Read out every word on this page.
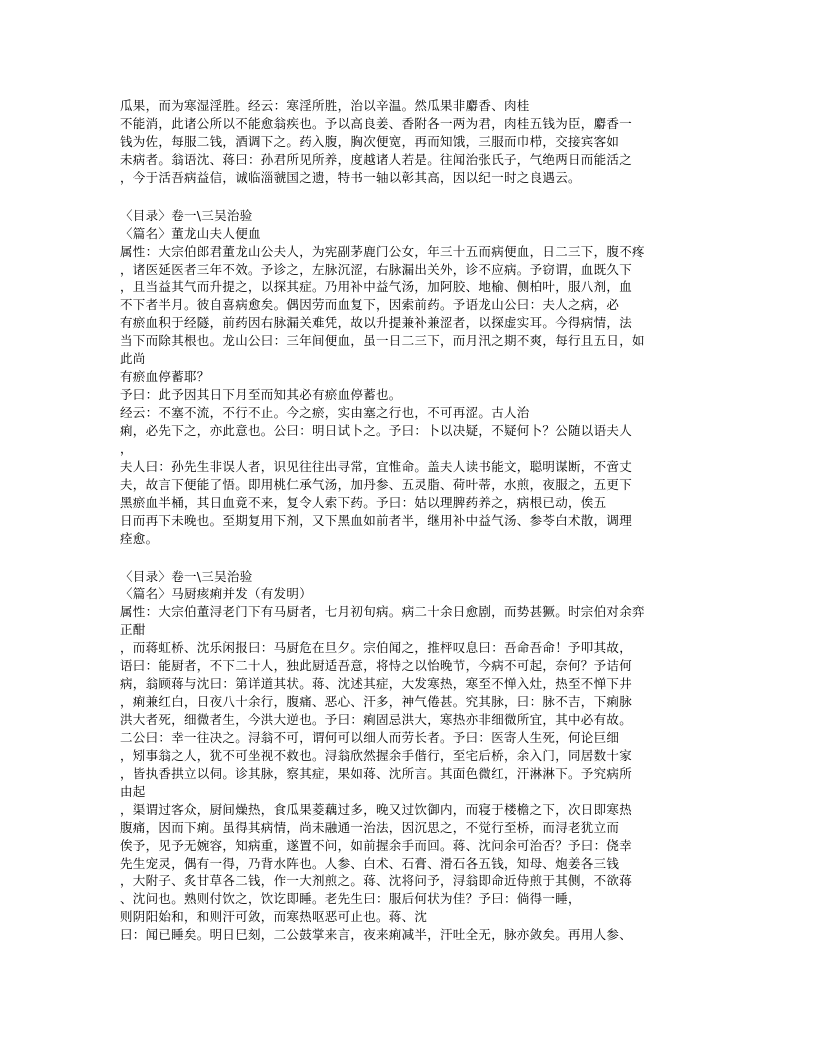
瓜果，而为寒湿淫胜。经云：寒淫所胜，治以辛温。然瓜果非麝香、肉桂
不能消，此诸公所以不能愈翁疾也。予以高良姜、香附各一两为君，肉桂五钱为臣，麝香一
钱为佐，每服二钱，酒调下之。药入腹，胸次便宽，再而知饿，三服而巾栉，交接宾客如
未病者。翁语沈、蒋曰：孙君所见所养，度越诸人若是。往闻治张氏子，气绝两日而能活之
，今于活吾病益信，诚临淄虢国之遗，特书一轴以彰其高，因以纪一时之良遇云。
〈目录〉卷一\三吴治验
〈篇名〉董龙山夫人便血
属性：大宗伯郎君董龙山公夫人，为宪副茅鹿门公女，年三十五而病便血，日二三下，腹不疼
，诸医延医者三年不效。予诊之，左脉沉涩，右脉漏出关外，诊不应病。予窃谓，血既久下
，且当益其气而升提之，以探其症。乃用补中益气汤，加阿胶、地榆、侧柏叶，服八剂，血
不下者半月。彼自喜病愈矣。偶因劳而血复下，因索前药。予语龙山公曰：夫人之病，必
有瘀血积于经隧，前药因右脉漏关难凭，故以升提兼补兼涩者，以探虚实耳。今得病情，法
当下而除其根也。龙山公曰：三年间便血，虽一日二三下，而月汛之期不爽，每行且五日，如
此尚
有瘀血停蓄耶？
予曰：此予因其日下月至而知其必有瘀血停蓄也。
经云：不塞不流，不行不止。今之瘀，实由塞之行也，不可再涩。古人治
痢，必先下之，亦此意也。公曰：明日试卜之。予曰：卜以决疑，不疑何卜？公随以语夫人
，
夫人曰：孙先生非误人者，识见往往出寻常，宜惟命。盖夫人读书能文，聪明谋断，不啻丈
夫，故言下便能了悟。即用桃仁承气汤，加丹参、五灵脂、荷叶蒂，水煎，夜服之，五更下
黑瘀血半桶，其日血竟不来，复令人索下药。予曰：姑以理脾药养之，病根已动，俟五
日而再下未晚也。至期复用下剂，又下黑血如前者半，继用补中益气汤、参苓白术散，调理
痊愈。
〈目录〉卷一\三吴治验
〈篇名〉马厨痎痢并发（有发明）
属性：大宗伯董浔老门下有马厨者，七月初旬病。病二十余日愈剧，而势甚獗。时宗伯对余弈
正酣
，而蒋虹桥、沈乐闲报曰：马厨危在旦夕。宗伯闻之，推枰叹息曰：吾命吾命！予叩其故，
语曰：能厨者，不下二十人，独此厨适吾意，将恃之以怡晚节，今病不可起，奈何？予诘何
病，翁顾蒋与沈曰：第详道其状。蒋、沈述其症，大发寒热，寒至不惮入灶，热至不惮下井
，痢兼红白，日夜八十余行，腹痛、恶心、汗多，神气倦甚。究其脉，曰：脉不吉，下痢脉
洪大者死，细微者生，今洪大逆也。予曰：痢固忌洪大，寒热亦非细微所宜，其中必有故。
二公曰：幸一往决之。浔翁不可，谓何可以细人而劳长者。予曰：医寄人生死，何论巨细
，矧事翁之人，犹不可坐视不救也。浔翁欣然握余手偕行，至宅后桥，余入门，同居数十家
，皆执香拱立以伺。诊其脉，察其症，果如蒋、沈所言。其面色微红，汗淋淋下。予究病所
由起
，渠谓过客众，厨间燥热，食瓜果菱藕过多，晚又过饮御内，而寝于楼檐之下，次日即寒热
腹痛，因而下痢。虽得其病情，尚未融通一治法，因沉思之，不觉行至桥，而浔老犹立而
俟予，见予无婉容，知病重，遂置不问，如前握余手而回。蒋、沈问余可治否？予曰：侥幸
先生宠灵，偶有一得，乃背水阵也。人参、白术、石膏、滑石各五钱，知母、炮姜各三钱
，大附子、炙甘草各二钱，作一大剂煎之。蒋、沈将问予，浔翁即命近侍煎于其侧，不欲蒋
、沈问也。熟则付饮之，饮讫即睡。老先生曰：服后何状为佳？予曰：倘得一睡，
则阴阳始和，和则汗可敛，而寒热呕恶可止也。蒋、沈
曰：闻已睡矣。明日巳刻，二公鼓掌来言，夜来痢减半，汗吐全无，脉亦敛矣。再用人参、
